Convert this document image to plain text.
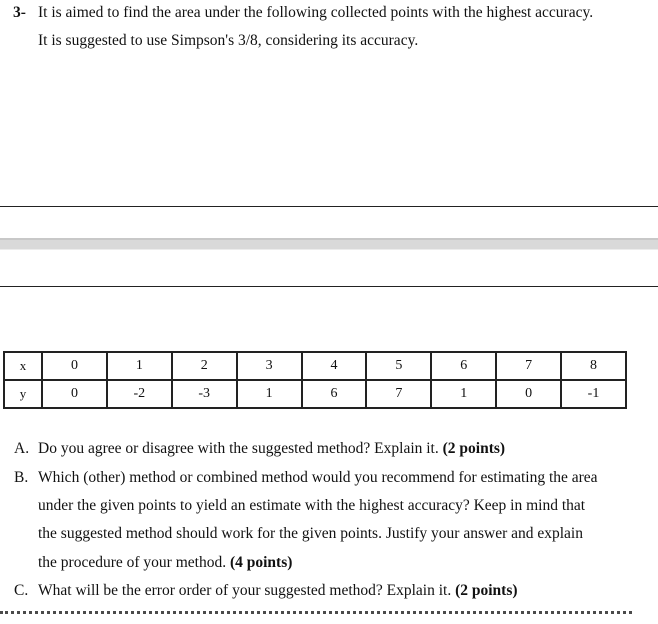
3- It is aimed to find the area under the following collected points with the highest accuracy.
It is suggested to use Simpson's 3/8, considering its accuracy.
x	0	1	2	3	4	5	6	7	8
y	0	-2	-3	1	6	7	1	0	-1
A. Do you agree or disagree with the suggested method? Explain it. (2 points)
B. Which (other) method or combined method would you recommend for estimating the area
under the given points to yield an estimate with the highest accuracy? Keep in mind that
the suggested method should work for the given points. Justify your answer and explain
the procedure of your method. (4 points)
C. What will be the error order of your suggested method? Explain it. (2 points)
